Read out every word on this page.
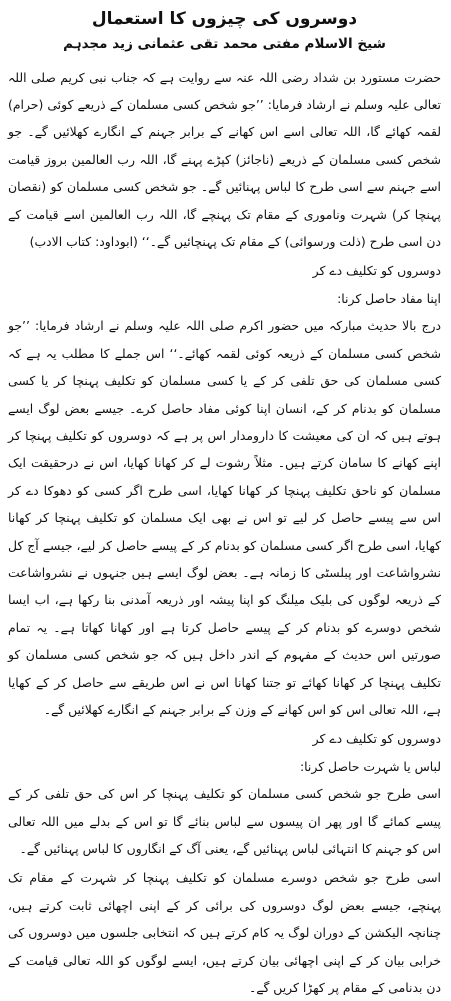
دوسروں کی چیزوں کا استعمال
شیخ الاسلام مفتی محمد تقی عثمانی زید مجدہم

حضرت مستورد بن شداد رضی اللہ عنہ سے روایت ہے کہ جناب نبی کریم صلی اللہ تعالی علیہ وسلم نے ارشاد فرمایا: ’’جو شخص کسی مسلمان کے ذریعے کوئی (حرام) لقمہ کھائے گا، اللہ تعالی اسے اس کھانے کے برابر جہنم کے انگارے کھلائیں گے۔ جو شخص کسی مسلمان کے ذریعے (ناجائز) کپڑے پہنے گا، اللہ رب العالمین بروز قیامت اسے جہنم سے اسی طرح کا لباس پہنائیں گے۔ جو شخص کسی مسلمان کو (نقصان پہنچا کر) شہرت وناموری کے مقام تک پہنچے گا، اللہ رب العالمین اسے قیامت کے دن اسی طرح (ذلت ورسوائی) کے مقام تک پہنچائیں گے۔‘‘ (ابوداود: کتاب الادب)

دوسروں کو تکلیف دے کر
اپنا مفاد حاصل کرنا:

درج بالا حدیث مبارکہ میں حضور اکرم صلی اللہ علیہ وسلم نے ارشاد فرمایا: ’’جو شخص کسی مسلمان کے ذریعہ کوئی لقمہ کھائے۔‘‘ اس جملے کا مطلب یہ ہے کہ کسی مسلمان کی حق تلفی کر کے یا کسی مسلمان کو تکلیف پہنچا کر یا کسی مسلمان کو بدنام کر کے، انسان اپنا کوئی مفاد حاصل کرے۔ جیسے بعض لوگ ایسے ہوتے ہیں کہ ان کی معیشت کا دارومدار اس پر ہے کہ دوسروں کو تکلیف پہنچا کر اپنے کھانے کا سامان کرتے ہیں۔ مثلاً رشوت لے کر کھانا کھایا، اس نے درحقیقت ایک مسلمان کو ناحق تکلیف پہنچا کر کھانا کھایا، اسی طرح اگر کسی کو دھوکا دے کر اس سے پیسے حاصل کر لیے تو اس نے بھی ایک مسلمان کو تکلیف پہنچا کر کھانا کھایا، اسی طرح اگر کسی مسلمان کو بدنام کر کے پیسے حاصل کر لیے، جیسے آج کل نشرواشاعت اور پبلسٹی کا زمانہ ہے۔ بعض لوگ ایسے ہیں جنہوں نے نشرواشاعت کے ذریعہ لوگوں کی بلیک میلنگ کو اپنا پیشہ اور ذریعہ آمدنی بنا رکھا ہے، اب ایسا شخص دوسرے کو بدنام کر کے پیسے حاصل کرتا ہے اور کھانا کھاتا ہے۔ یہ تمام صورتیں اس حدیث کے مفہوم کے اندر داخل ہیں کہ جو شخص کسی مسلمان کو تکلیف پہنچا کر کھانا کھائے تو جتنا کھانا اس نے اس طریقے سے حاصل کر کے کھایا ہے، اللہ تعالی اس کو اس کھانے کے وزن کے برابر جہنم کے انگارے کھلائیں گے۔

دوسروں کو تکلیف دے کر
لباس یا شہرت حاصل کرنا:

اسی طرح جو شخص کسی مسلمان کو تکلیف پہنچا کر اس کی حق تلفی کر کے پیسے کمائے گا اور پھر ان پیسوں سے لباس بنائے گا تو اس کے بدلے میں اللہ تعالی اس کو جہنم کا انتہائی لباس پہنائیں گے، یعنی آگ کے انگاروں کا لباس پہنائیں گے۔

اسی طرح جو شخص دوسرے مسلمان کو تکلیف پہنچا کر شہرت کے مقام تک پہنچے، جیسے بعض لوگ دوسروں کی برائی کر کے اپنی اچھائی ثابت کرتے ہیں، چنانچہ الیکشن کے دوران لوگ یہ کام کرتے ہیں کہ انتخابی جلسوں میں دوسروں کی خرابی بیان کر کے اپنی اچھائی بیان کرتے ہیں، ایسے لوگوں کو اللہ تعالی قیامت کے دن بدنامی کے مقام پر کھڑا کریں گے۔
